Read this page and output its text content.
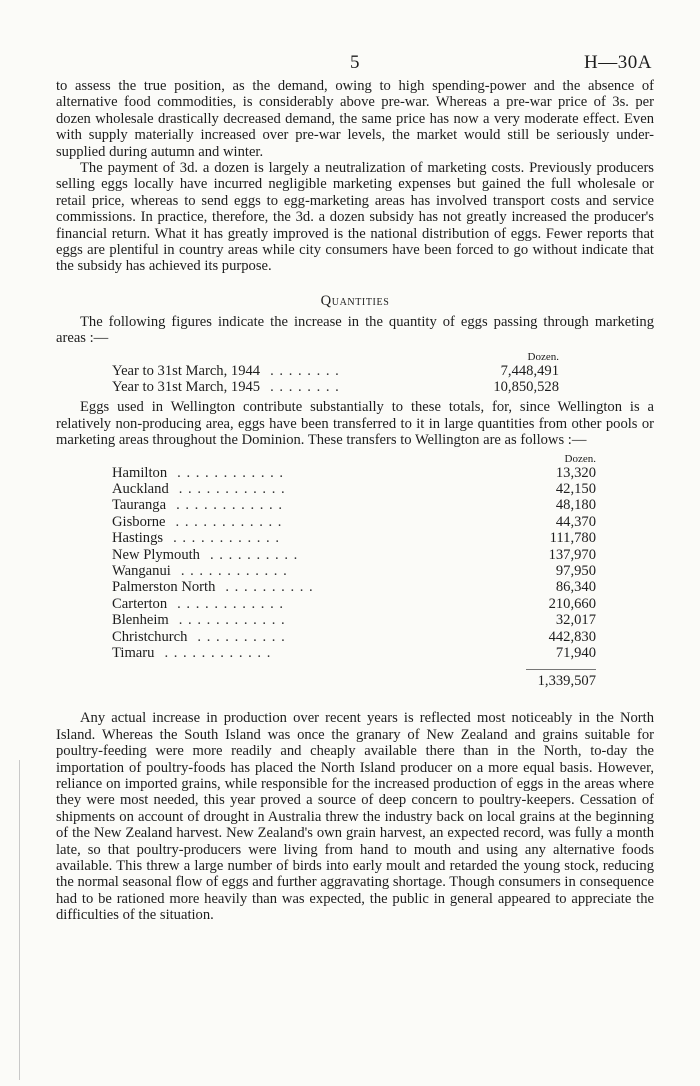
5	H—30A

to assess the true position, as the demand, owing to high spending-power and the absence of alternative food commodities, is considerably above pre-war. Whereas a pre-war price of 3s. per dozen wholesale drastically decreased demand, the same price has now a very moderate effect. Even with supply materially increased over pre-war levels, the market would still be seriously under-supplied during autumn and winter.

The payment of 3d. a dozen is largely a neutralization of marketing costs. Previously producers selling eggs locally have incurred negligible marketing expenses but gained the full wholesale or retail price, whereas to send eggs to egg-marketing areas has involved transport costs and service commissions. In practice, therefore, the 3d. a dozen subsidy has not greatly increased the producer's financial return. What it has greatly improved is the national distribution of eggs. Fewer reports that eggs are plentiful in country areas while city consumers have been forced to go without indicate that the subsidy has achieved its purpose.

Quantities

The following figures indicate the increase in the quantity of eggs passing through marketing areas :—

Dozen.
Year to 31st March, 1944 . . . . . . . .	7,448,491
Year to 31st March, 1945 . . . . . . . .	10,850,528

Eggs used in Wellington contribute substantially to these totals, for, since Wellington is a relatively non-producing area, eggs have been transferred to it in large quantities from other pools or marketing areas throughout the Dominion. These transfers to Wellington are as follows :—

Dozen.
Hamilton . . . . . . . . . . . .	13,320
Auckland . . . . . . . . . . . .	42,150
Tauranga . . . . . . . . . . . .	48,180
Gisborne . . . . . . . . . . . .	44,370
Hastings . . . . . . . . . . . .	111,780
New Plymouth . . . . . . . . . .	137,970
Wanganui . . . . . . . . . . . .	97,950
Palmerston North . . . . . . . . . .	86,340
Carterton . . . . . . . . . . . .	210,660
Blenheim . . . . . . . . . . . .	32,017
Christchurch . . . . . . . . . .	442,830
Timaru . . . . . . . . . . . .	71,940
1,339,507

Any actual increase in production over recent years is reflected most noticeably in the North Island. Whereas the South Island was once the granary of New Zealand and grains suitable for poultry-feeding were more readily and cheaply available there than in the North, to-day the importation of poultry-foods has placed the North Island producer on a more equal basis. However, reliance on imported grains, while responsible for the increased production of eggs in the areas where they were most needed, this year proved a source of deep concern to poultry-keepers. Cessation of shipments on account of drought in Australia threw the industry back on local grains at the beginning of the New Zealand harvest. New Zealand's own grain harvest, an expected record, was fully a month late, so that poultry-producers were living from hand to mouth and using any alternative foods available. This threw a large number of birds into early moult and retarded the young stock, reducing the normal seasonal flow of eggs and further aggravating shortage. Though consumers in consequence had to be rationed more heavily than was expected, the public in general appeared to appreciate the difficulties of the situation.
